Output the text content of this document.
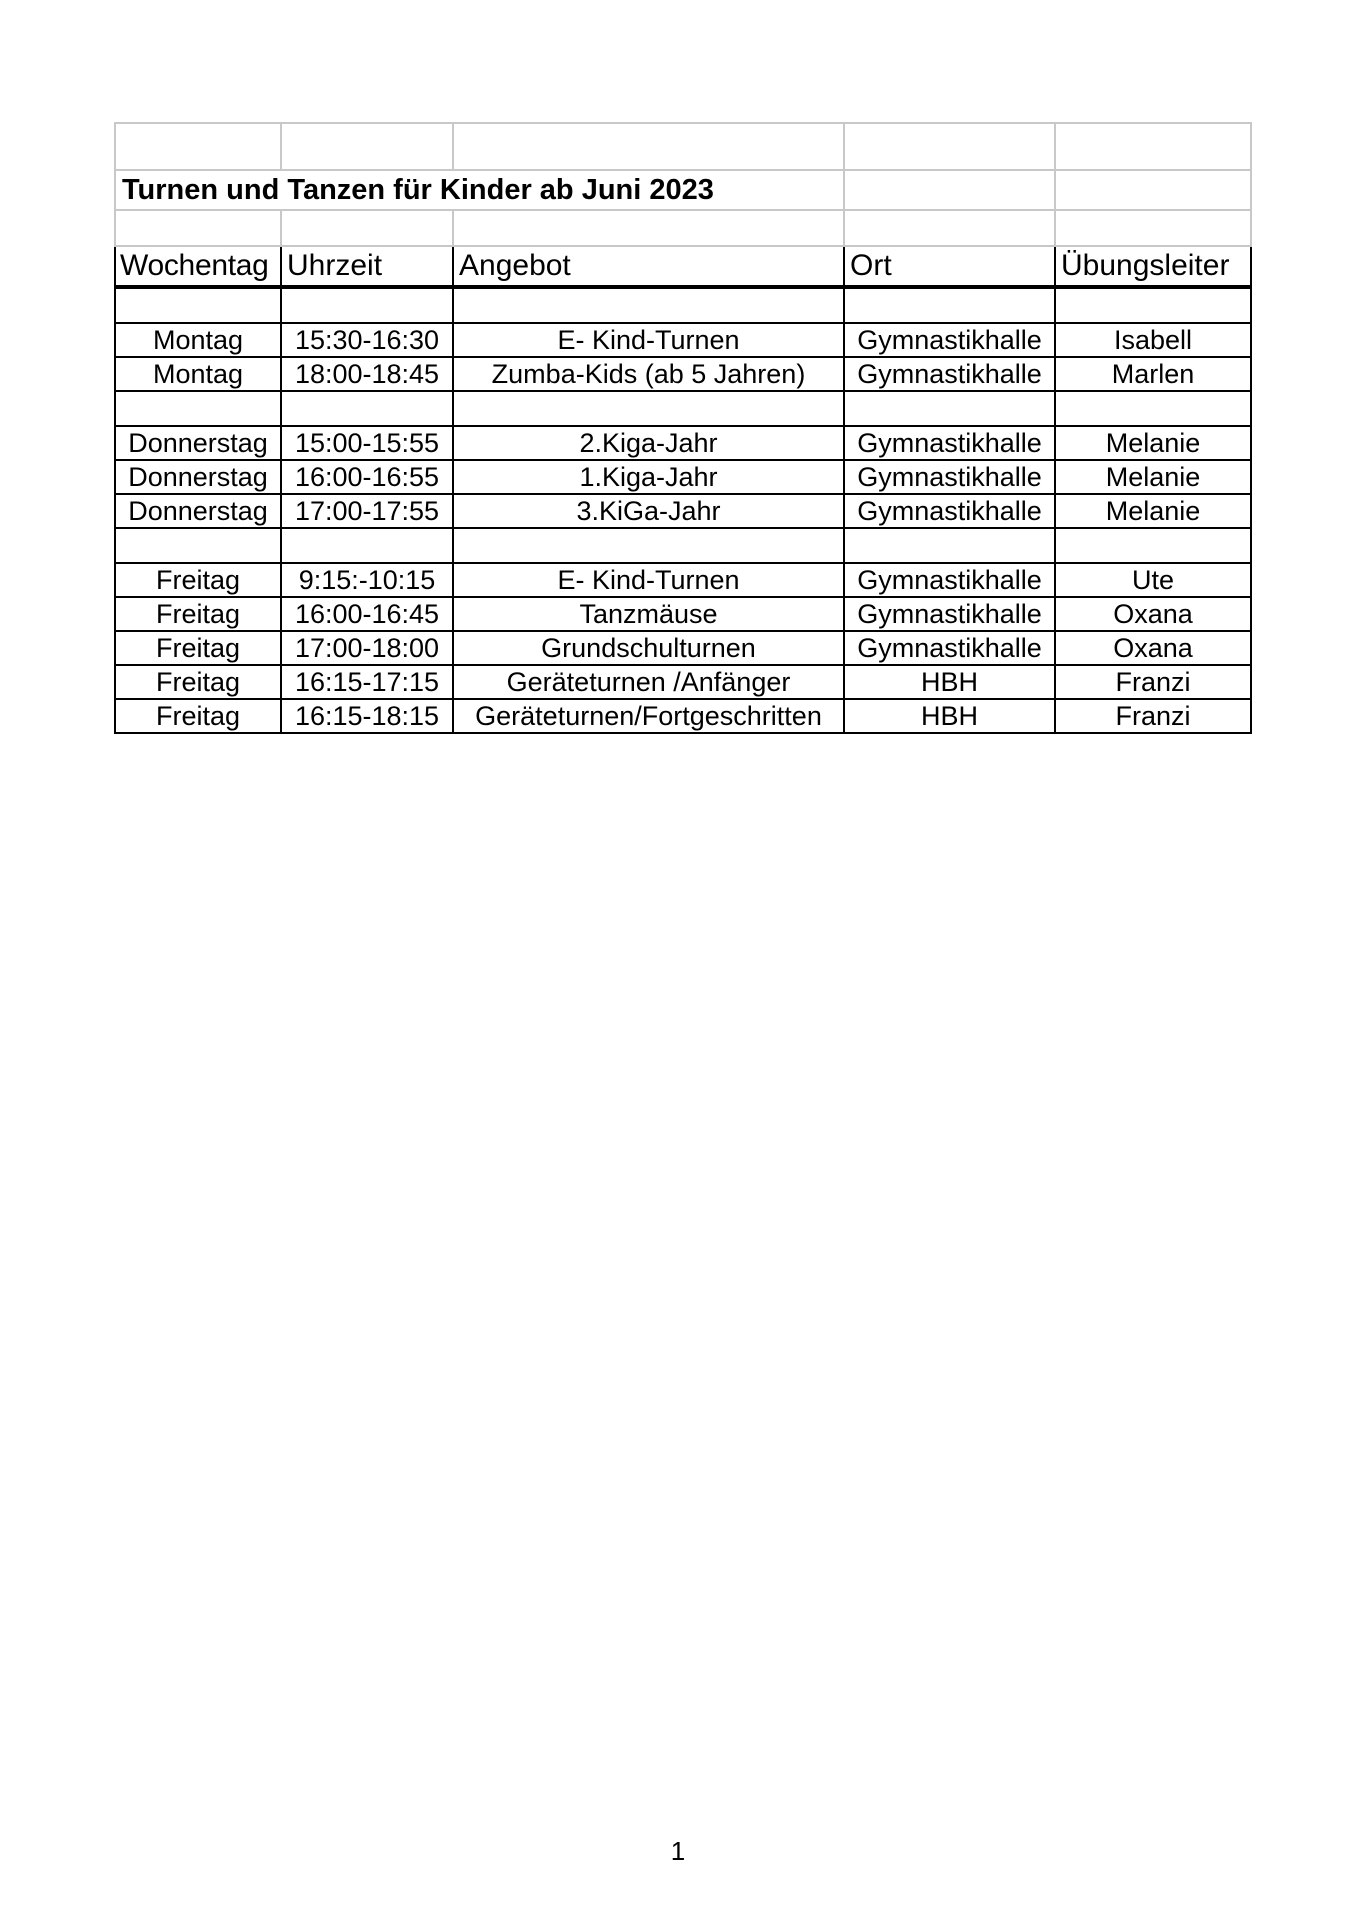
Turnen und Tanzen für Kinder ab Juni 2023				

Wochentag	Uhrzeit	Angebot	Ort	Übungsleiter

Montag	15:30-16:30	E- Kind-Turnen	Gymnastikhalle	Isabell
Montag	18:00-18:45	Zumba-Kids (ab 5 Jahren)	Gymnastikhalle	Marlen

Donnerstag	15:00-15:55	2.Kiga-Jahr	Gymnastikhalle	Melanie
Donnerstag	16:00-16:55	1.Kiga-Jahr	Gymnastikhalle	Melanie
Donnerstag	17:00-17:55	3.KiGa-Jahr	Gymnastikhalle	Melanie

Freitag	9:15:-10:15	E- Kind-Turnen	Gymnastikhalle	Ute
Freitag	16:00-16:45	Tanzmäuse	Gymnastikhalle	Oxana
Freitag	17:00-18:00	Grundschulturnen	Gymnastikhalle	Oxana
Freitag	16:15-17:15	Geräteturnen /Anfänger	HBH	Franzi
Freitag	16:15-18:15	Geräteturnen/Fortgeschritten	HBH	Franzi
1
